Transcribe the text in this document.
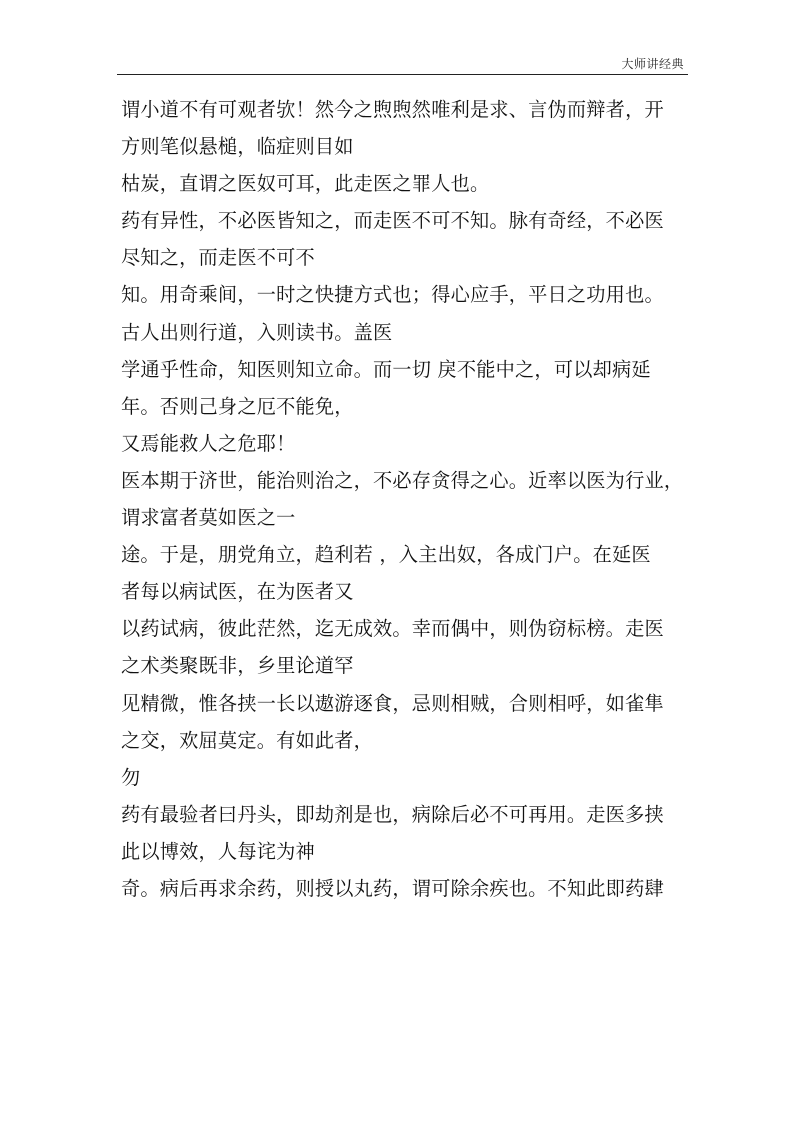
大师讲经典
谓小道不有可观者欤！然今之煦煦然唯利是求、言伪而辩者，开
方则笔似悬槌，临症则目如
枯炭，直谓之医奴可耳，此走医之罪人也。
药有异性，不必医皆知之，而走医不可不知。脉有奇经，不必医
尽知之，而走医不可不
知。用奇乘间，一时之快捷方式也；得心应手，平日之功用也。
古人出则行道，入则读书。盖医
学通乎性命，知医则知立命。而一切 戾不能中之，可以却病延
年。否则己身之厄不能免，
又焉能救人之危耶！
医本期于济世，能治则治之，不必存贪得之心。近率以医为行业，
谓求富者莫如医之一
途。于是，朋党角立，趋利若 ，入主出奴，各成门户。在延医
者每以病试医，在为医者又
以药试病，彼此茫然，迄无成效。幸而偶中，则伪窃标榜。走医
之术类聚既非，乡里论道罕
见精微，惟各挟一长以遨游逐食，忌则相贼，合则相呼，如雀隼
之交，欢屈莫定。有如此者，
勿
药有最验者曰丹头，即劫剂是也，病除后必不可再用。走医多挟
此以博效，人每诧为神
奇。病后再求余药，则授以丸药，谓可除余疾也。不知此即药肆
